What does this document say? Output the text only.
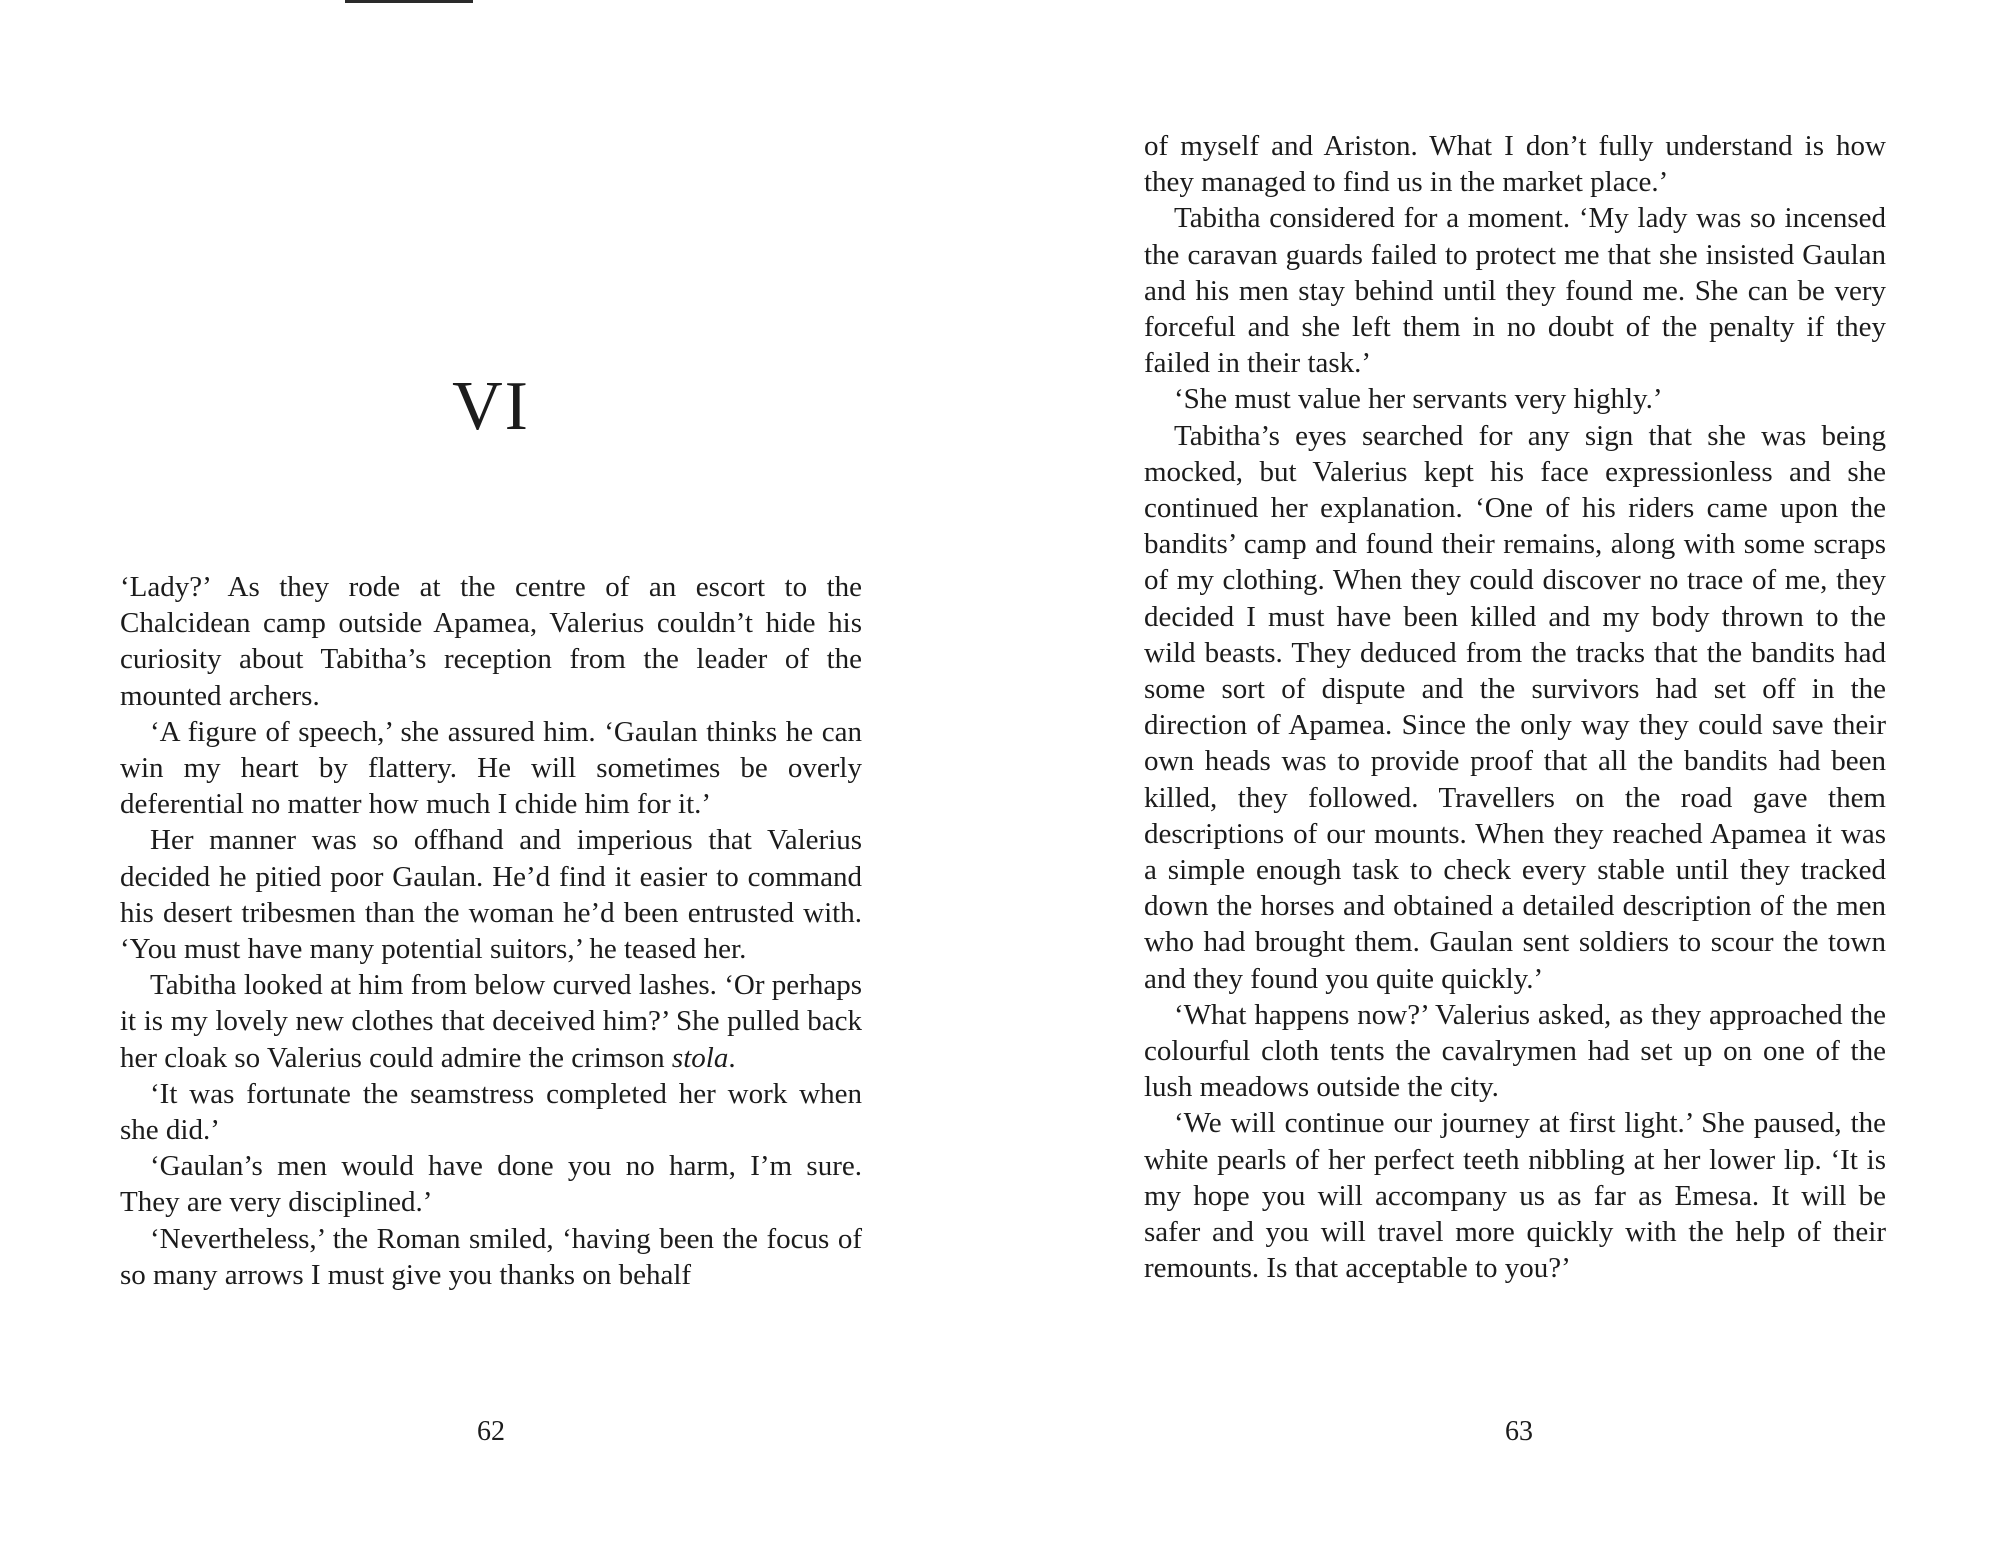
VI

‘Lady?’ As they rode at the centre of an escort to the Chalcidean camp outside Apamea, Valerius couldn’t hide his curiosity about Tabitha’s reception from the leader of the mounted archers.

‘A figure of speech,’ she assured him. ‘Gaulan thinks he can win my heart by flattery. He will sometimes be overly deferential no matter how much I chide him for it.’

Her manner was so offhand and imperious that Valerius decided he pitied poor Gaulan. He’d find it easier to command his desert tribesmen than the woman he’d been entrusted with. ‘You must have many potential suitors,’ he teased her.

Tabitha looked at him from below curved lashes. ‘Or perhaps it is my lovely new clothes that deceived him?’ She pulled back her cloak so Valerius could admire the crimson stola.

‘It was fortunate the seamstress completed her work when she did.’

‘Gaulan’s men would have done you no harm, I’m sure. They are very disciplined.’

‘Nevertheless,’ the Roman smiled, ‘having been the focus of so many arrows I must give you thanks on behalf

62

of myself and Ariston. What I don’t fully understand is how they managed to find us in the market place.’

Tabitha considered for a moment. ‘My lady was so incensed the caravan guards failed to protect me that she insisted Gaulan and his men stay behind until they found me. She can be very forceful and she left them in no doubt of the penalty if they failed in their task.’

‘She must value her servants very highly.’

Tabitha’s eyes searched for any sign that she was being mocked, but Valerius kept his face expressionless and she continued her explanation. ‘One of his riders came upon the bandits’ camp and found their remains, along with some scraps of my clothing. When they could discover no trace of me, they decided I must have been killed and my body thrown to the wild beasts. They deduced from the tracks that the bandits had some sort of dispute and the survivors had set off in the direction of Apamea. Since the only way they could save their own heads was to provide proof that all the bandits had been killed, they followed. Travellers on the road gave them descriptions of our mounts. When they reached Apamea it was a simple enough task to check every stable until they tracked down the horses and obtained a detailed description of the men who had brought them. Gaulan sent soldiers to scour the town and they found you quite quickly.’

‘What happens now?’ Valerius asked, as they approached the colourful cloth tents the cavalrymen had set up on one of the lush meadows outside the city.

‘We will continue our journey at first light.’ She paused, the white pearls of her perfect teeth nibbling at her lower lip. ‘It is my hope you will accompany us as far as Emesa. It will be safer and you will travel more quickly with the help of their remounts. Is that acceptable to you?’

63
